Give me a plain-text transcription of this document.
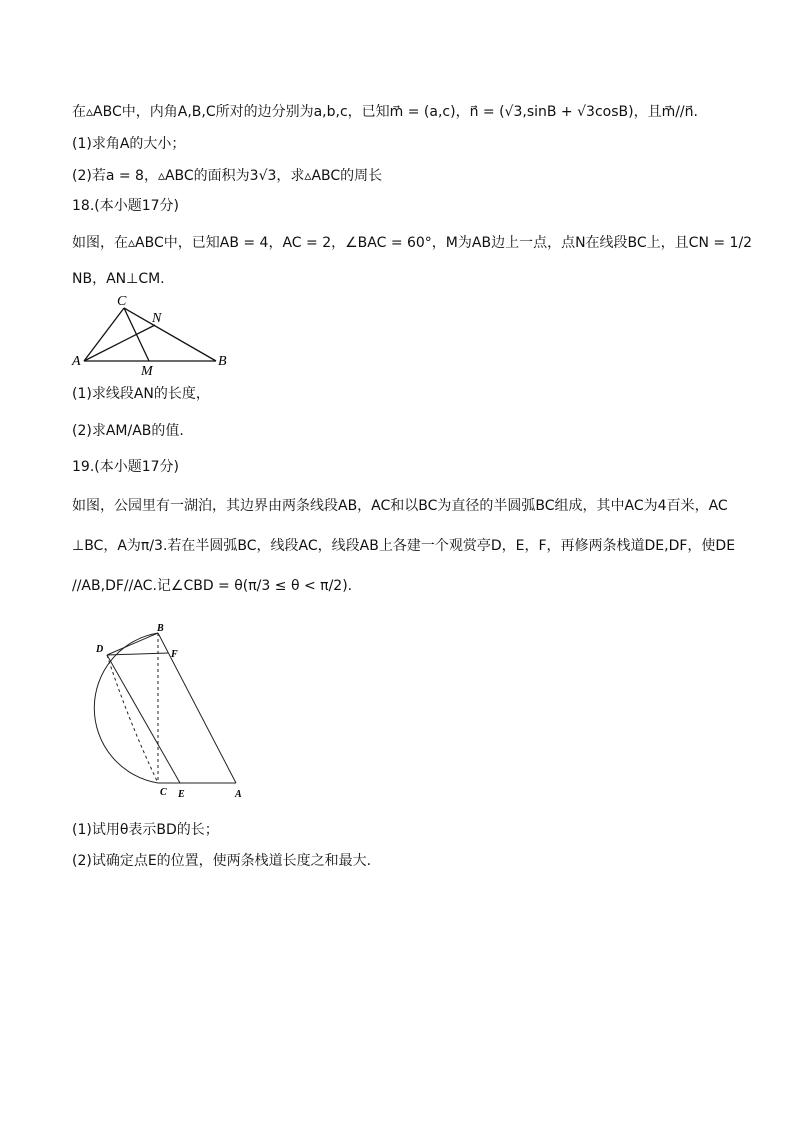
在▵ABC中，内角A,B,C所对的边分别为a,b,c，已知m⃗ = (a,c)，n⃗ = (√3,sinB + √3cosB)，且m⃗//n⃗.
(1)求角A的大小；
(2)若a = 8，▵ABC的面积为3√3，求▵ABC的周长
18.(本小题17分)
如图，在▵ABC中，已知AB = 4，AC = 2，∠BAC = 60°，M为AB边上一点，点N在线段BC上，且CN = 1/2
NB，AN⊥CM.
C
N
A
M
B
(1)求线段AN的长度，
(2)求AM/AB的值.
19.(本小题17分)
如图，公园里有一湖泊，其边界由两条线段AB，AC和以BC为直径的半圆弧BC组成，其中AC为4百米，AC
⊥BC，A为π/3.若在半圆弧BC，线段AC，线段AB上各建一个观赏亭D，E，F，再修两条栈道DE,DF，使DE
//AB,DF//AC.记∠CBD = θ(π/3 ≤ θ < π/2).
B
D	F
C E	A
(1)试用θ表示BD的长；
(2)试确定点E的位置，使两条栈道长度之和最大.
